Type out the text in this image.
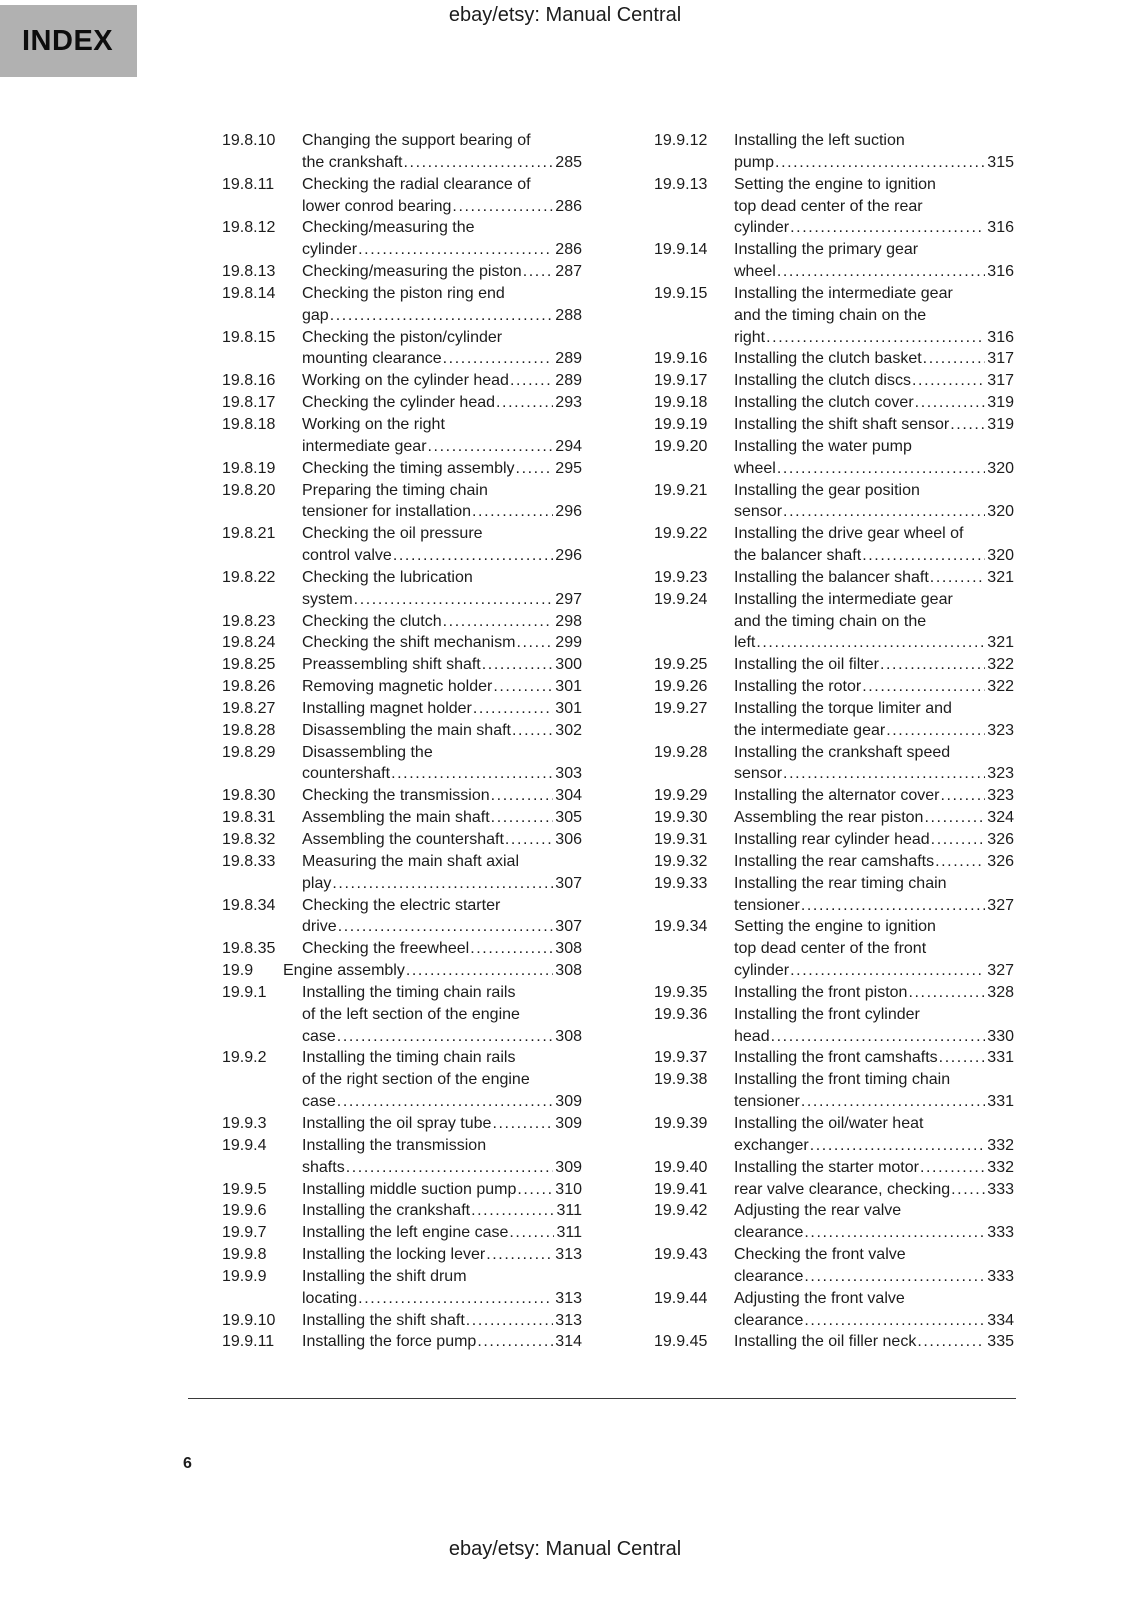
INDEX
ebay/etsy: Manual Central
19.8.10	Changing the support bearing of
the crankshaft .....	285
19.8.11	Checking the radial clearance of
lower conrod bearing .....	286
19.8.12	Checking/measuring the
cylinder .....	286
19.8.13	Checking/measuring the piston ..... 287
19.8.14	Checking the piston ring end
gap .....	288
19.8.15	Checking the piston/cylinder
mounting clearance .....	289
19.8.16	Working on the cylinder head .....	289
19.8.17	Checking the cylinder head .....	293
19.8.18	Working on the right
intermediate gear .....	294
19.8.19	Checking the timing assembly .....	295
19.8.20	Preparing the timing chain
tensioner for installation .....	296
19.8.21	Checking the oil pressure
control valve .....	296
19.8.22	Checking the lubrication
system .....	297
19.8.23	Checking the clutch .....	298
19.8.24	Checking the shift mechanism ..... 299
19.8.25	Preassembling shift shaft .....	300
19.8.26	Removing magnetic holder .....	301
19.8.27	Installing magnet holder .....	301
19.8.28	Disassembling the main shaft .....	302
19.8.29	Disassembling the
countershaft .....	303
19.8.30	Checking the transmission .....	304
19.8.31	Assembling the main shaft .....	305
19.8.32	Assembling the countershaft .....	306
19.8.33	Measuring the main shaft axial
play .....	307
19.8.34	Checking the electric starter
drive .....	307
19.8.35	Checking the freewheel .....	308
19.9	Engine assembly .....	308
19.9.1	Installing the timing chain rails
of the left section of the engine
case .....	308
19.9.2	Installing the timing chain rails
of the right section of the engine
case .....	309
19.9.3	Installing the oil spray tube .....	309
19.9.4	Installing the transmission
shafts .....	309
19.9.5	Installing middle suction pump ..... 310
19.9.6	Installing the crankshaft .....	311
19.9.7	Installing the left engine case .....	311
19.9.8	Installing the locking lever .....	313
19.9.9	Installing the shift drum
locating .....	313
19.9.10	Installing the shift shaft .....	313
19.9.11	Installing the force pump .....	314
19.9.12	Installing the left suction
pump .....	315
19.9.13	Setting the engine to ignition
top dead center of the rear
cylinder .....	316
19.9.14	Installing the primary gear
wheel .....	316
19.9.15	Installing the intermediate gear
and the timing chain on the
right .....	316
19.9.16	Installing the clutch basket .....	317
19.9.17	Installing the clutch discs .....	317
19.9.18	Installing the clutch cover .....	319
19.9.19	Installing the shift shaft sensor ..... 319
19.9.20	Installing the water pump
wheel .....	320
19.9.21	Installing the gear position
sensor .....	320
19.9.22	Installing the drive gear wheel of
the balancer shaft .....	320
19.9.23	Installing the balancer shaft .....	321
19.9.24	Installing the intermediate gear
and the timing chain on the
left .....	321
19.9.25	Installing the oil filter .....	322
19.9.26	Installing the rotor .....	322
19.9.27	Installing the torque limiter and
the intermediate gear .....	323
19.9.28	Installing the crankshaft speed
sensor .....	323
19.9.29	Installing the alternator cover .....	323
19.9.30	Assembling the rear piston .....	324
19.9.31	Installing rear cylinder head .....	326
19.9.32	Installing the rear camshafts .....	326
19.9.33	Installing the rear timing chain
tensioner .....	327
19.9.34	Setting the engine to ignition
top dead center of the front
cylinder .....	327
19.9.35	Installing the front piston .....	328
19.9.36	Installing the front cylinder
head .....	330
19.9.37	Installing the front camshafts .....	331
19.9.38	Installing the front timing chain
tensioner .....	331
19.9.39	Installing the oil/water heat
exchanger .....	332
19.9.40	Installing the starter motor .....	332
19.9.41	rear valve clearance, checking ..... 333
19.9.42	Adjusting the rear valve
clearance .....	333
19.9.43	Checking the front valve
clearance .....	333
19.9.44	Adjusting the front valve
clearance .....	334
19.9.45	Installing the oil filler neck .....	335
6
ebay/etsy: Manual Central
